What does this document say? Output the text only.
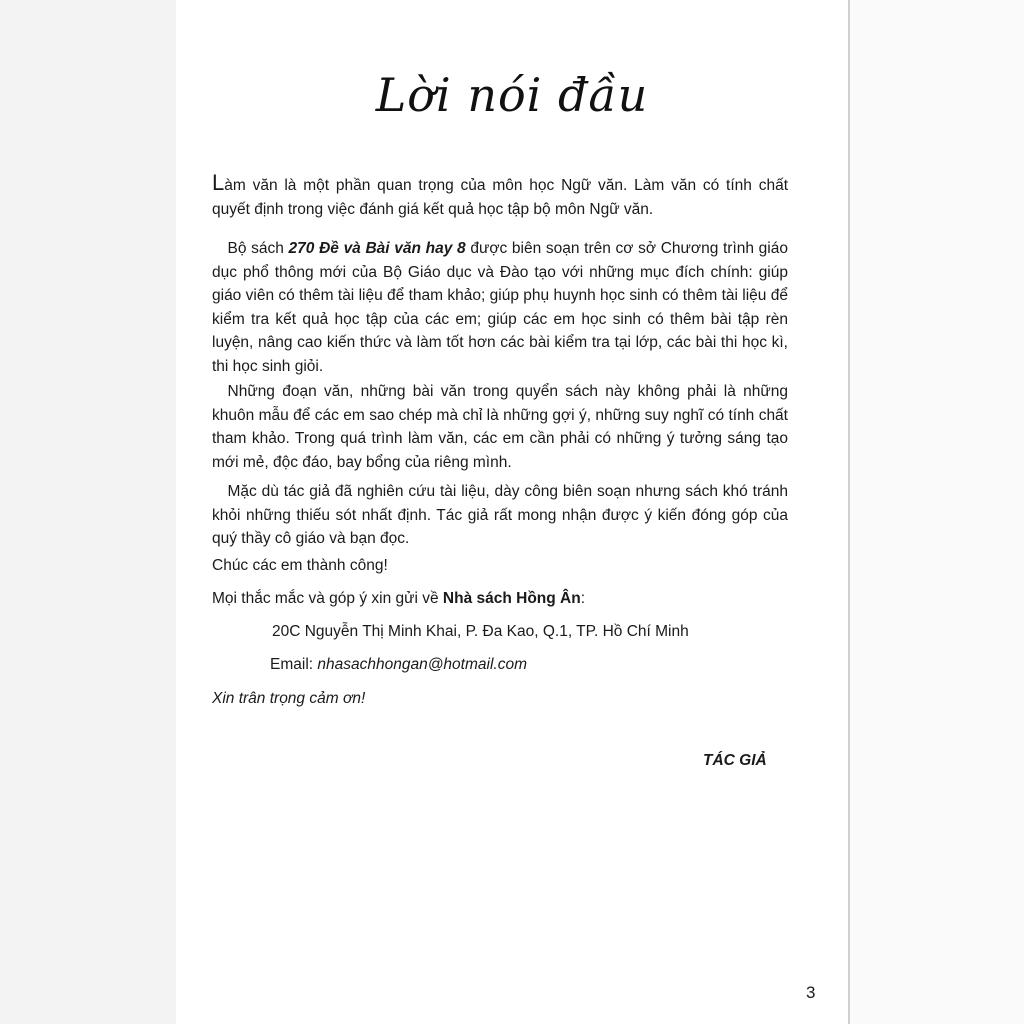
Lời nói đầu

Làm văn là một phần quan trọng của môn học Ngữ văn. Làm văn có tính chất quyết định trong việc đánh giá kết quả học tập bộ môn Ngữ văn.

 Bộ sách 270 Đề và Bài văn hay 8 được biên soạn trên cơ sở Chương trình giáo dục phổ thông mới của Bộ Giáo dục và Đào tạo với những mục đích chính: giúp giáo viên có thêm tài liệu để tham khảo; giúp phụ huynh học sinh có thêm tài liệu để kiểm tra kết quả học tập của các em; giúp các em học sinh có thêm bài tập rèn luyện, nâng cao kiến thức và làm tốt hơn các bài kiểm tra tại lớp, các bài thi học kì, thi học sinh giỏi.

 Những đoạn văn, những bài văn trong quyển sách này không phải là những khuôn mẫu để các em sao chép mà chỉ là những gợi ý, những suy nghĩ có tính chất tham khảo. Trong quá trình làm văn, các em cần phải có những ý tưởng sáng tạo mới mẻ, độc đáo, bay bổng của riêng mình.

 Mặc dù tác giả đã nghiên cứu tài liệu, dày công biên soạn nhưng sách khó tránh khỏi những thiếu sót nhất định. Tác giả rất mong nhận được ý kiến đóng góp của quý thầy cô giáo và bạn đọc.

Chúc các em thành công!
Mọi thắc mắc và góp ý xin gửi về Nhà sách Hồng Ân:
20C Nguyễn Thị Minh Khai, P. Đa Kao, Q.1, TP. Hồ Chí Minh
Email: nhasachhongan@hotmail.com
Xin trân trọng cảm ơn!
TÁC GIẢ
3
